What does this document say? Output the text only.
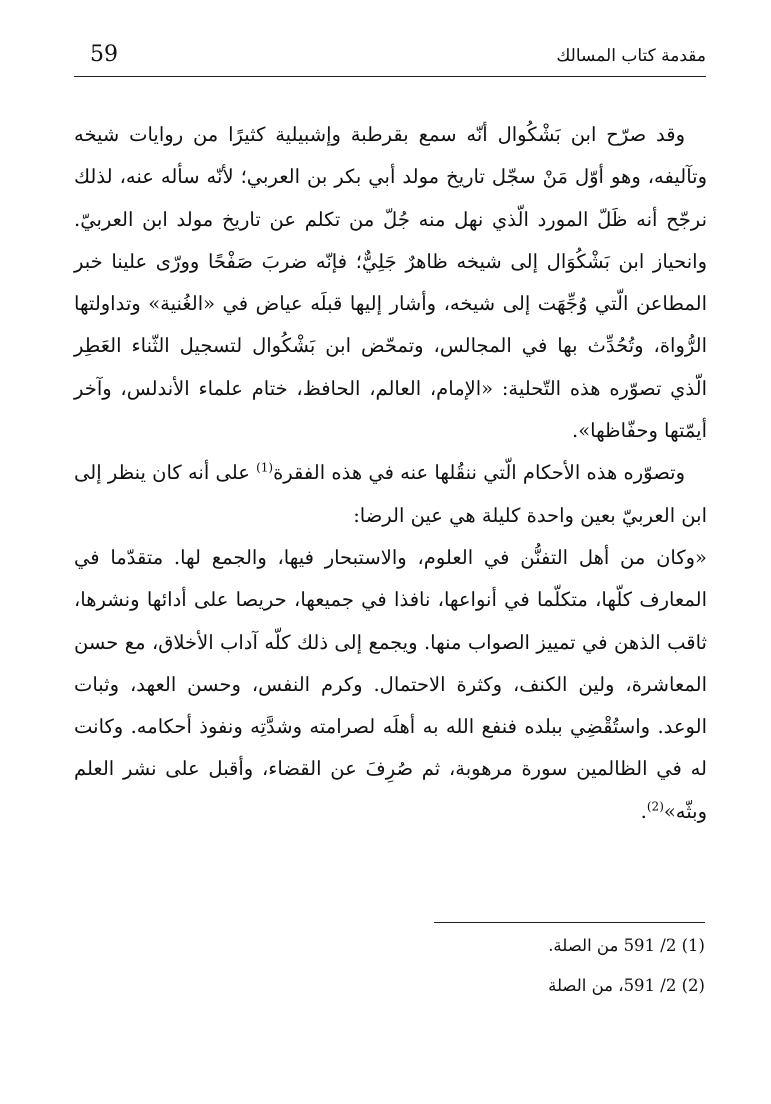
59	مقدمة كتاب المسالك

وقد صرّح ابن بَشْكُوال أنّه سمع بقرطبة وإشبيلية كثيرًا من روايات شيخه وتآليفه، وهو أوّل مَنْ سجّل تاريخ مولد أبي بكر بن العربي؛ لأنّه سأله عنه، لذلك نرجّح أنه ظَلّ المورد الّذي نهل منه جُلّ من تكلم عن تاريخ مولد ابن العربيّ. وانحياز ابن بَشْكُوَال إلى شيخه ظاهرٌ جَلِيٌّ؛ فإنّه ضربَ صَفْحًا وورّى علينا خبر المطاعن الّتي وُجِّهَت إلى شيخه، وأشار إليها قبلَه عياض في «الغُنية» وتداولتها الرُّواة، وتُحُدِّث بها في المجالس، وتمحّض ابن بَشْكُوال لتسجيل الثّناء العَطِر الّذي تصوّره هذه التّحلية: «الإمام، العالم، الحافظ، ختام علماء الأندلس، وآخر أيمّتها وحفّاظها».

وتصوّره هذه الأحكام الّتي ننقُلها عنه في هذه الفقرة$^{(1)}$ على أنه كان ينظر إلى ابن العربيّ بعين واحدة كليلة هي عين الرضا:

«وكان من أهل التفنُّن في العلوم، والاستبحار فيها، والجمع لها. متقدّما في المعارف كلّها، متكلّما في أنواعها، نافذا في جميعها، حريصا على أدائها ونشرها، ثاقب الذهن في تمييز الصواب منها. ويجمع إلى ذلك كلّه آداب الأخلاق، مع حسن المعاشرة، ولين الكنف، وكثرة الاحتمال. وكرم النفس، وحسن العهد، وثبات الوعد. واستُقْضِي ببلده فنفع الله به أهلَه لصرامته وشدَّتِه ونفوذ أحكامه. وكانت له في الظالمين سورة مرهوبة، ثم صُرِفَ عن القضاء، وأقبل على نشر العلم وبثّه»$^{(2)}$.

(1) 2/ 591 من الصلة.

(2) 2/ 591، من الصلة
